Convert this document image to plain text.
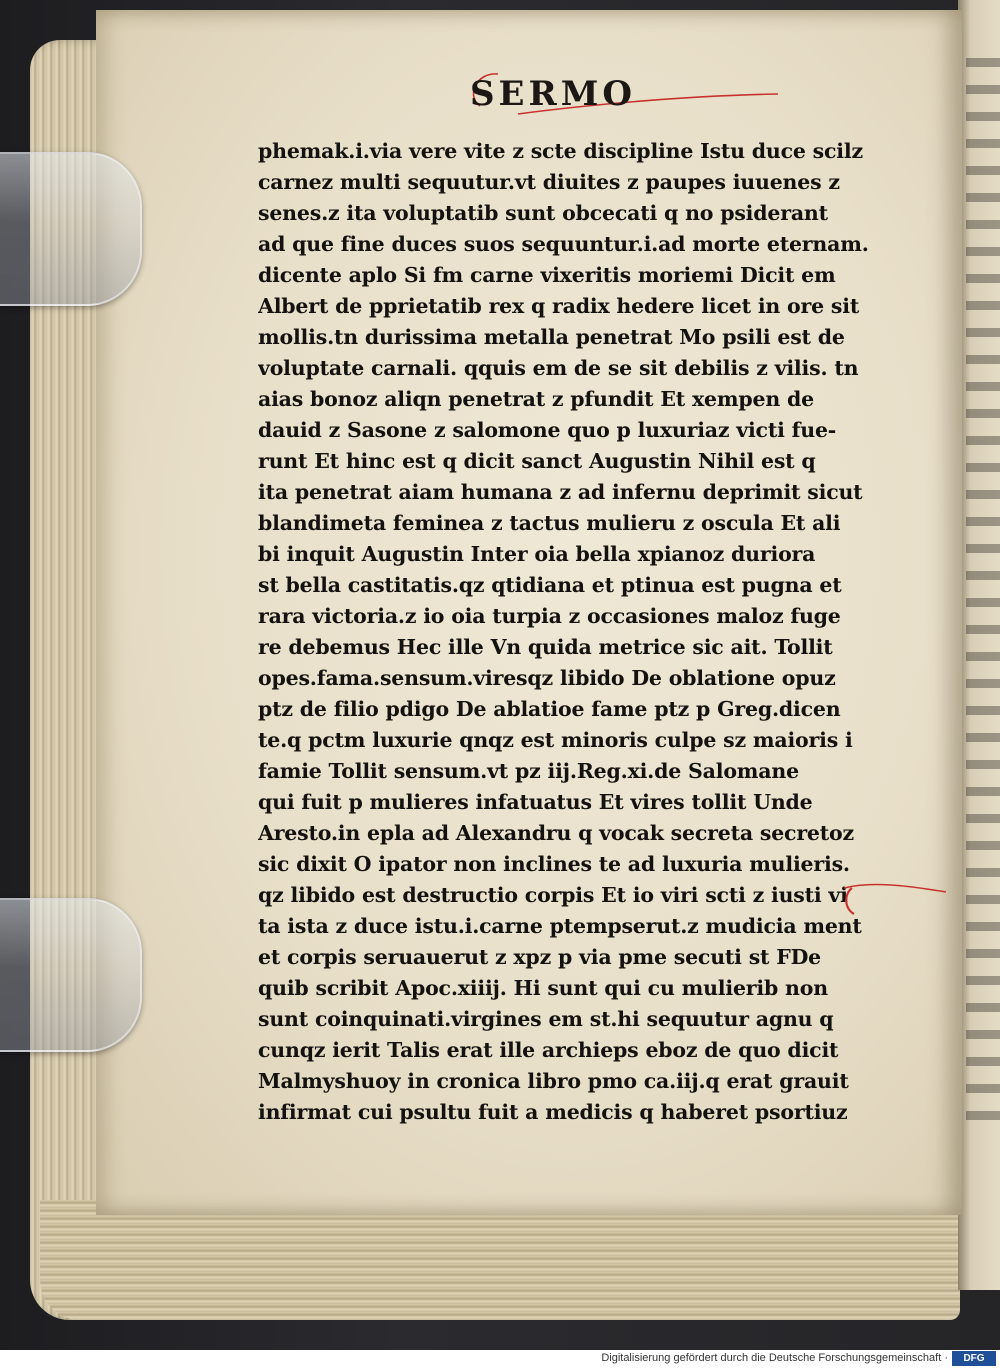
SERMO
phemak.i.via vere vite z scte discipline Istu duce scilz
carnez multi sequutur.vt diuites z paupes iuuenes z
senes.z ita voluptatib sunt obcecati q no psiderant
ad que fine duces suos sequuntur.i.ad morte eternam.
dicente aplo Si fm carne vixeritis moriemi Dicit em
Albert de pprietatib rex q radix hedere licet in ore sit
mollis.tn durissima metalla penetrat Mo psili est de
voluptate carnali. qquis em de se sit debilis z vilis. tn
aias bonoz aliqn penetrat z pfundit Et xempen de
dauid z Sasone z salomone quo p luxuriaz victi fue-
runt Et hinc est q dicit sanct Augustin Nihil est q
ita penetrat aiam humana z ad infernu deprimit sicut
blandimeta feminea z tactus mulieru z oscula Et ali
bi inquit Augustin Inter oia bella xpianoz duriora
st bella castitatis.qz qtidiana et ptinua est pugna et
rara victoria.z io oia turpia z occasiones maloz fuge
re debemus Hec ille Vn quida metrice sic ait. Tollit
opes.fama.sensum.viresqz libido De oblatione opuz
ptz de filio pdigo De ablatioe fame ptz p Greg.dicen
te.q pctm luxurie qnqz est minoris culpe sz maioris i
famie Tollit sensum.vt pz iij.Reg.xi.de Salomane
qui fuit p mulieres infatuatus Et vires tollit Unde
Aresto.in epla ad Alexandru q vocak secreta secretoz
sic dixit O ipator non inclines te ad luxuria mulieris.
qz libido est destructio corpis Et io viri scti z iusti vi
ta ista z duce istu.i.carne ptempserut.z mudicia ment
et corpis seruauerut z xpz p via pme secuti st FDe
quib scribit Apoc.xiiij. Hi sunt qui cu mulierib non
sunt coinquinati.virgines em st.hi sequutur agnu q
cunqz ierit Talis erat ille archieps eboz de quo dicit
Malmyshuoy in cronica libro pmo ca.iij.q erat grauit
infirmat cui psultu fuit a medicis q haberet psortiuz
Digitalisierung gefördert durch die Deutsche Forschungsgemeinschaft ·	DFG
